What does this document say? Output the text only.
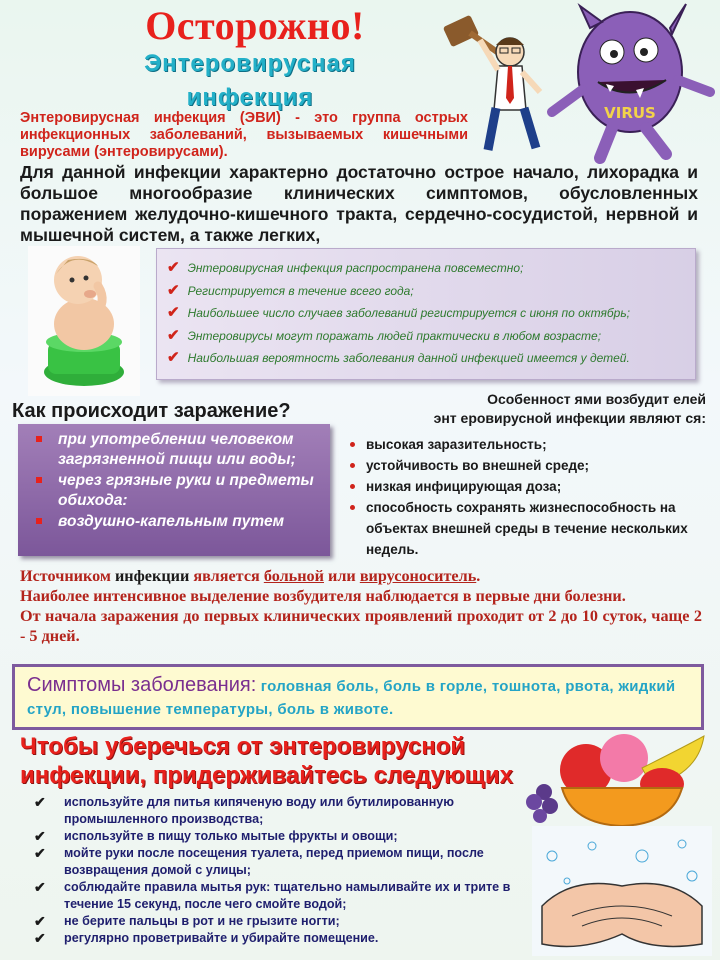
Осторожно!
Энтеровирусная
инфекция
VIRUS

Энтеровирусная инфекция (ЭВИ) - это группа острых инфекционных заболеваний, вызываемых кишечными вирусами (энтеровирусами).

Для данной инфекции характерно достаточно острое начало, лихорадка и большое многообразие клинических симптомов, обусловленных поражением желудочно-кишечного тракта, сердечно-сосудистой, нервной и мышечной систем, а также легких,

✔ Энтеровирусная инфекция распространена повсеместно;
✔ Регистрируется в течение всего года;
✔ Наибольшее число случаев заболеваний регистрируется с июня по октябрь;
✔ Энтеровирусы могут поражать людей практически в любом возрасте;
✔ Наибольшая вероятность заболевания данной инфекцией имеется у детей.
Как происходит заражение?
при употреблении человеком загрязненной пищи или воды;
через грязные руки и предметы обихода:
воздушно-капельным путем
Особенност ями возбудит елей
энт еровирусной инфекции являют ся:
высокая заразительность;
устойчивость во внешней среде;
низкая инфицирующая доза;
способность сохранять жизнеспособность на объектах внешней среды в течение нескольких недель.

Источником инфекции является больной или вирусоноситель.

Наиболее интенсивное выделение возбудителя наблюдается в первые дни болезни.

От начала заражения до первых клинических проявлений проходит от 2 до 10 суток, чаще 2 - 5 дней.

Симптомы заболевания: головная боль, боль в горле, тошнота, рвота, жидкий стул, повышение температуры, боль в животе.

Чтобы уберечься от энтеровирусной инфекции, придерживайтесь следующих
✔ используйте для питья кипяченую воду или бутилированную промышленного производства;
✔ используйте в пищу только мытые фрукты и овощи;
✔ мойте руки после посещения туалета, перед приемом пищи, после возвращения домой с улицы;
✔ соблюдайте правила мытья рук: тщательно намыливайте их и трите в течение 15 секунд, после чего смойте водой;
✔ не берите пальцы в рот и не грызите ногти;
✔ регулярно проветривайте и убирайте помещение.
